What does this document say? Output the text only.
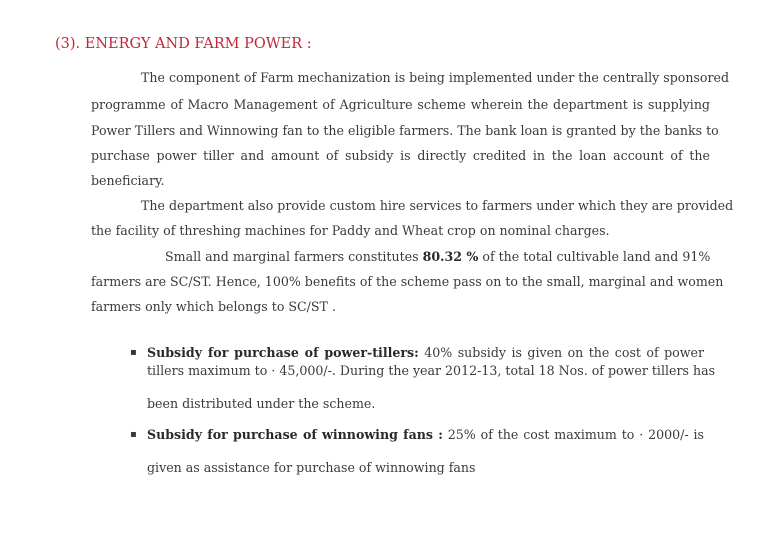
(3). ENERGY AND FARM POWER :
The component of Farm mechanization is being implemented under the centrally sponsored
programme of Macro Management of Agriculture scheme wherein the department is supplying
Power Tillers and Winnowing fan to the eligible farmers. The bank loan is granted by the banks to
purchase power tiller and amount of subsidy is directly credited in the loan account of the
beneficiary.
The department also provide custom hire services to farmers under which they are provided
the facility of threshing machines for Paddy and Wheat crop on nominal charges.
Small and marginal farmers constitutes 80.32 % of the total cultivable land and 91%
farmers are SC/ST. Hence, 100% benefits of the scheme pass on to the small, marginal and women
farmers only which belongs to SC/ST .
▪ Subsidy for purchase of power-tillers: 40% subsidy is given on the cost of power
tillers maximum to · 45,000/-. During the year 2012-13, total 18 Nos. of power tillers has
been distributed under the scheme.
▪ Subsidy for purchase of winnowing fans : 25% of the cost maximum to · 2000/- is
given as assistance for purchase of winnowing fans
